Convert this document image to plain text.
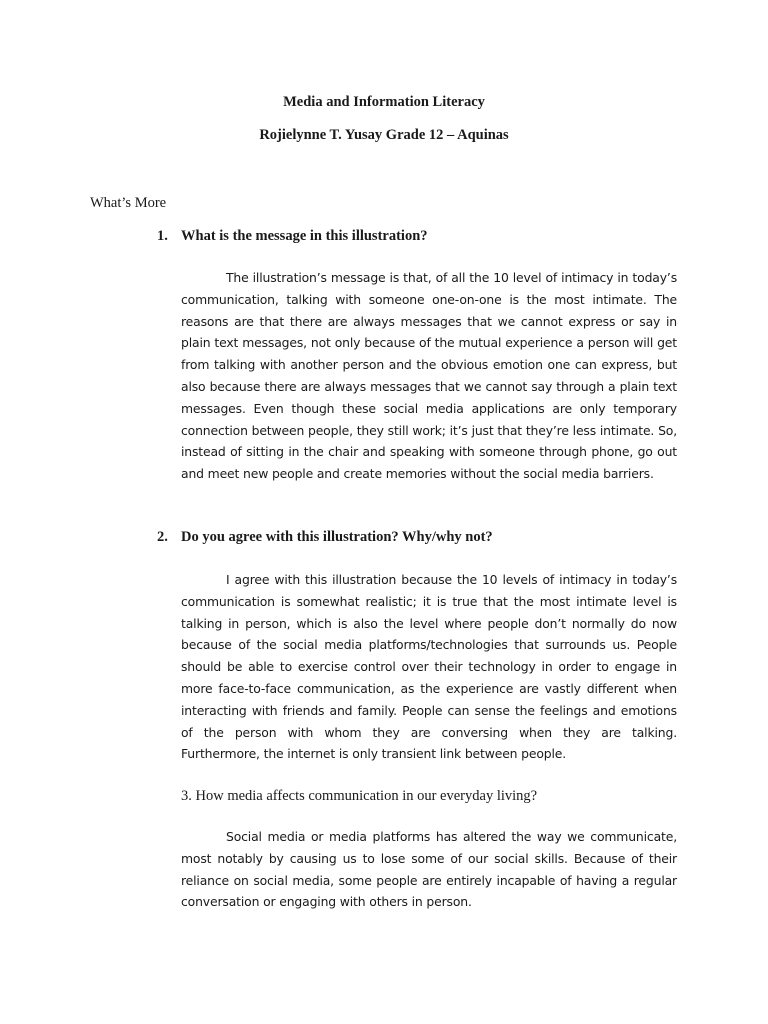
Media and Information Literacy
Rojielynne T. Yusay Grade 12 – Aquinas
What’s More
1. What is the message in this illustration?

The illustration’s message is that, of all the 10 level of intimacy in today’s communication, talking with someone one-on-one is the most intimate. The reasons are that there are always messages that we cannot express or say in plain text messages, not only because of the mutual experience a person will get from talking with another person and the obvious emotion one can express, but also because there are always messages that we cannot say through a plain text messages. Even though these social media applications are only temporary connection between people, they still work; it’s just that they’re less intimate. So, instead of sitting in the chair and speaking with someone through phone, go out and meet new people and create memories without the social media barriers.

2. Do you agree with this illustration? Why/why not?

I agree with this illustration because the 10 levels of intimacy in today’s communication is somewhat realistic; it is true that the most intimate level is talking in person, which is also the level where people don’t normally do now because of the social media platforms/technologies that surrounds us. People should be able to exercise control over their technology in order to engage in more face-to-face communication, as the experience are vastly different when interacting with friends and family. People can sense the feelings and emotions of the person with whom they are conversing when they are talking. Furthermore, the internet is only transient link between people.

3. How media affects communication in our everyday living?

Social media or media platforms has altered the way we communicate, most notably by causing us to lose some of our social skills. Because of their reliance on social media, some people are entirely incapable of having a regular conversation or engaging with others in person.
